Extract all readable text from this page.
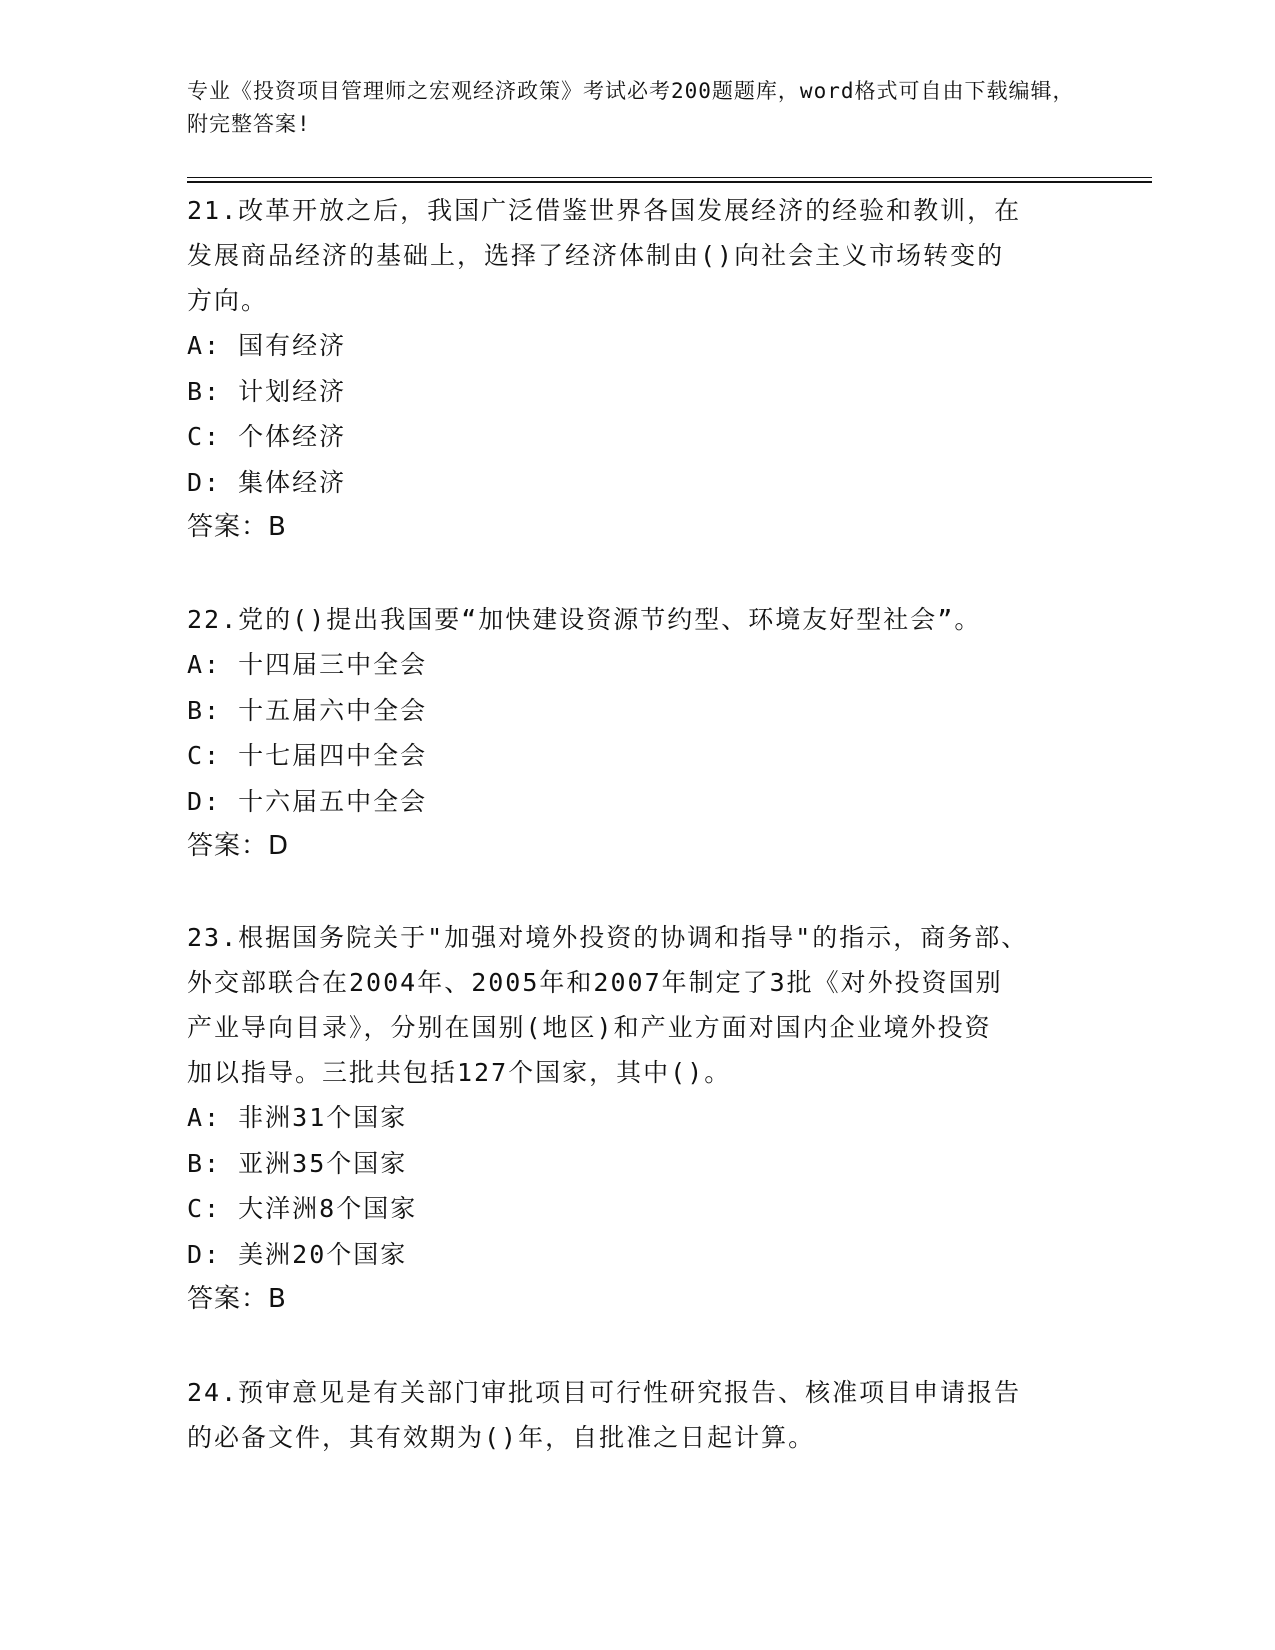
专业《投资项目管理师之宏观经济政策》考试必考200题题库，word格式可自由下载编辑，附完整答案!

21.改革开放之后，我国广泛借鉴世界各国发展经济的经验和教训，在

发展商品经济的基础上，选择了经济体制由()向社会主义市场转变的

方向。

A: 国有经济

B: 计划经济

C: 个体经济

D: 集体经济

答案：B

22.党的()提出我国要“加快建设资源节约型、环境友好型社会”。

A: 十四届三中全会

B: 十五届六中全会

C: 十七届四中全会

D: 十六届五中全会

答案：D

23.根据国务院关于"加强对境外投资的协调和指导"的指示，商务部、

外交部联合在2004年、2005年和2007年制定了3批《对外投资国别

产业导向目录》，分别在国别(地区)和产业方面对国内企业境外投资

加以指导。三批共包括127个国家，其中()。

A: 非洲31个国家

B: 亚洲35个国家

C: 大洋洲8个国家

D: 美洲20个国家

答案：B

24.预审意见是有关部门审批项目可行性研究报告、核准项目申请报告

的必备文件，其有效期为()年，自批准之日起计算。
